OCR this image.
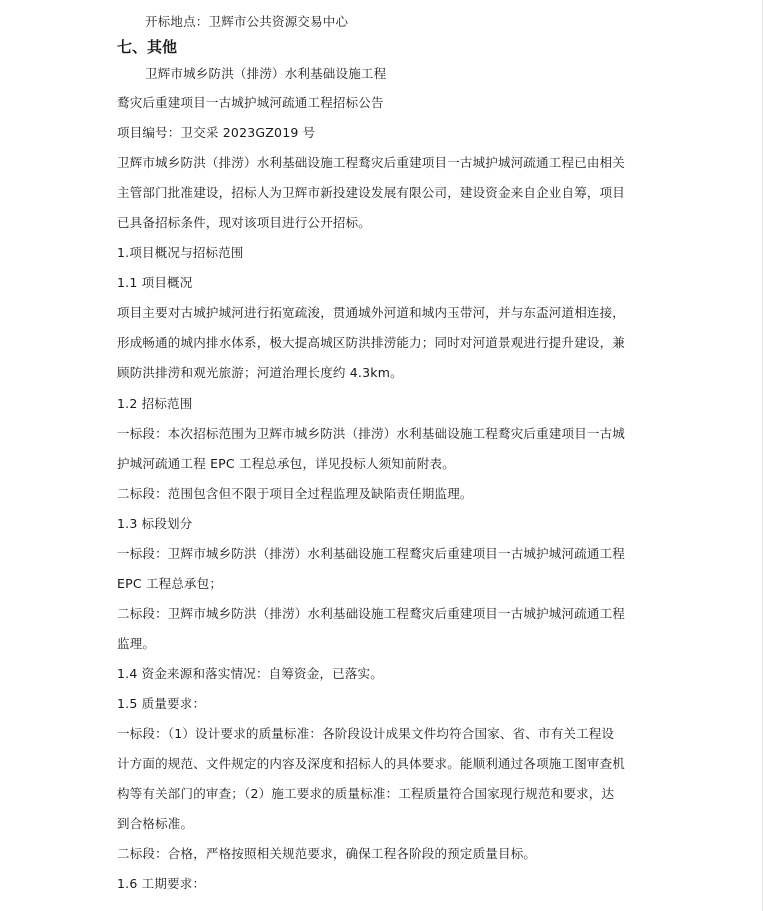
开标地点：卫辉市公共资源交易中心
七、其他
卫辉市城乡防洪（排涝）水利基础设施工程
鹜灾后重建项目一古城护城河疏通工程招标公告
项目编号：卫交采 2023GZ019 号
卫辉市城乡防洪（排涝）水利基础设施工程鹜灾后重建项目一古城护城河疏通工程已由相关
主管部门批准建设，招标人为卫辉市新投建设发展有限公司，建设资金来自企业自筹，项目
已具备招标条件，现对该项目进行公开招标。
1.项目概况与招标范围
1.1 项目概况
项目主要对古城护城河进行拓宽疏浚，贯通城外河道和城内玉带河，并与东盃河道相连接，
形成畅通的城内排水体系，极大提高城区防洪排涝能力；同时对河道景观进行提升建设，兼
顾防洪排涝和观光旅游；河道治理长度约 4.3km。
1.2 招标范围
一标段：本次招标范围为卫辉市城乡防洪（排涝）水利基础设施工程鹜灾后重建项目一古城
护城河疏通工程 EPC 工程总承包，详见投标人须知前附表。
二标段：范围包含但不限于项目全过程监理及缺陷责任期监理。
1.3 标段划分
一标段：卫辉市城乡防洪（排涝）水利基础设施工程鹜灾后重建项目一古城护城河疏通工程
EPC 工程总承包；
二标段：卫辉市城乡防洪（排涝）水利基础设施工程鹜灾后重建项目一古城护城河疏通工程
监理。
1.4 资金来源和落实情况：自筹资金，已落实。
1.5 质量要求：
一标段：（1）设计要求的质量标准：各阶段设计成果文件均符合国家、省、市有关工程设
计方面的规范、文件规定的内容及深度和招标人的具体要求。能顺利通过各项施工图审查机
构等有关部门的审查；（2）施工要求的质量标准：工程质量符合国家现行规范和要求，达
到合格标准。
二标段：合格，严格按照相关规范要求，确保工程各阶段的预定质量目标。
1.6 工期要求：
